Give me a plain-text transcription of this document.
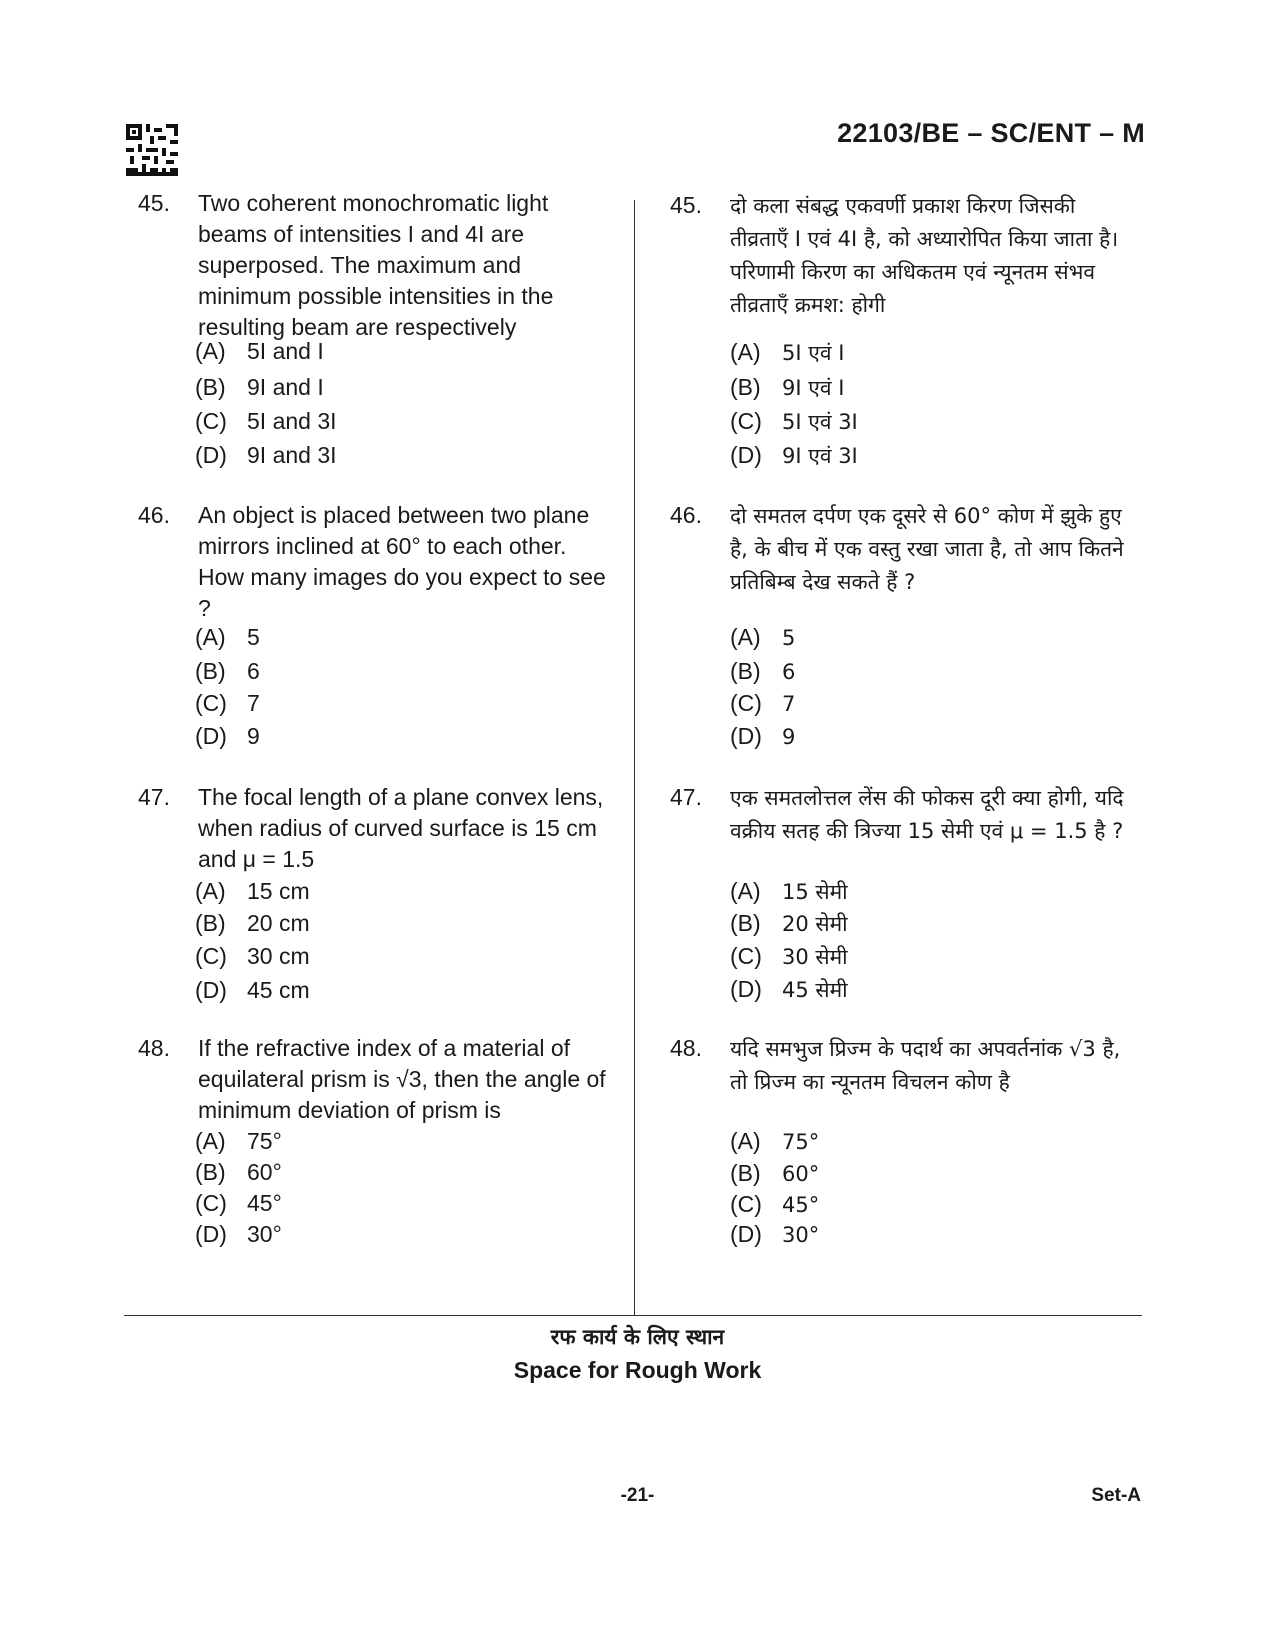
22103/BE – SC/ENT – M
45. Two coherent monochromatic light beams of intensities I and 4I are superposed. The maximum and minimum possible intensities in the resulting beam are respectively
(A) 5I and I
(B) 9I and I
(C) 5I and 3I
(D) 9I and 3I
46. An object is placed between two plane mirrors inclined at 60° to each other. How many images do you expect to see ?
(A) 5
(B) 6
(C) 7
(D) 9
47. The focal length of a plane convex lens, when radius of curved surface is 15 cm and μ = 1.5
(A) 15 cm
(B) 20 cm
(C) 30 cm
(D) 45 cm
48. If the refractive index of a material of equilateral prism is √3, then the angle of minimum deviation of prism is
(A) 75°
(B) 60°
(C) 45°
(D) 30°
45. दो कला संबद्ध एकवर्णी प्रकाश किरण जिसकी तीव्रताएँ I एवं 4I है, को अध्यारोपित किया जाता है। परिणामी किरण का अधिकतम एवं न्यूनतम संभव तीव्रताएँ क्रमश: होगी
(A) 5I एवं I
(B) 9I एवं I
(C) 5I एवं 3I
(D) 9I एवं 3I
46. दो समतल दर्पण एक दूसरे से 60° कोण में झुके हुए है, के बीच में एक वस्तु रखा जाता है, तो आप कितने प्रतिबिम्ब देख सकते हैं ?
(A) 5
(B) 6
(C) 7
(D) 9
47. एक समतलोत्तल लेंस की फोकस दूरी क्या होगी, यदि वक्रीय सतह की त्रिज्या 15 सेमी एवं μ = 1.5 है ?
(A) 15 सेमी
(B) 20 सेमी
(C) 30 सेमी
(D) 45 सेमी
48. यदि समभुज प्रिज्म के पदार्थ का अपवर्तनांक √3 है, तो प्रिज्म का न्यूनतम विचलन कोण है
(A) 75°
(B) 60°
(C) 45°
(D) 30°
रफ कार्य के लिए स्थान
Space for Rough Work
-21-	Set-A
